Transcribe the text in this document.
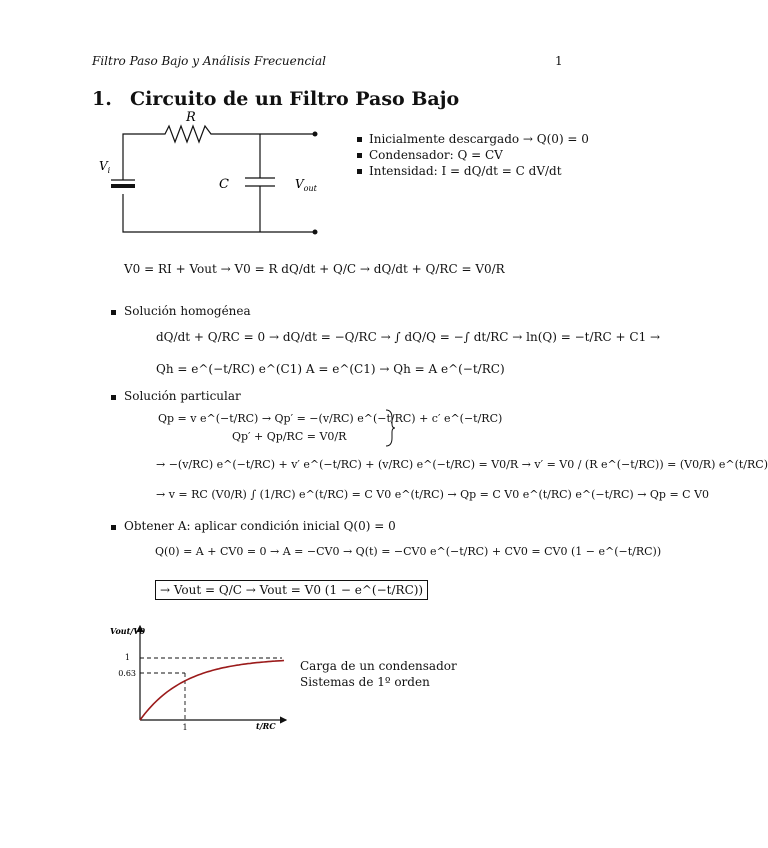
Filtro Paso Bajo y Análisis Frecuencial	1
1. Circuito de un Filtro Paso Bajo
R
C
$V_i$
$V_{out}$
Inicialmente descargado → Q(0) = 0
Condensador: Q = CV
Intensidad: I = dQ/dt = C dV/dt
V0 = RI + Vout → V0 = R dQ/dt + Q/C → dQ/dt + Q/RC = V0/R
Solución homogénea
dQ/dt + Q/RC = 0 → dQ/dt = −Q/RC → ∫ dQ/Q = −∫ dt/RC → ln(Q) = −t/RC + C1 →
Qh = e^(−t/RC) e^(C1) A = e^(C1) → Qh = A e^(−t/RC)
Solución particular
Qp = v e^(−t/RC) → Qp′ = −(v/RC) e^(−t/RC) + c′ e^(−t/RC)
Qp′ + Qp/RC = V0/R
→ −(v/RC) e^(−t/RC) + v′ e^(−t/RC) + (v/RC) e^(−t/RC) = V0/R → v′ = V0 / (R e^(−t/RC)) = (V0/R) e^(t/RC)
→ v = RC (V0/R) ∫ (1/RC) e^(t/RC) = C V0 e^(t/RC) → Qp = C V0 e^(t/RC) e^(−t/RC) → Qp = C V0
Obtener A: aplicar condición inicial Q(0) = 0
Q(0) = A + CV0 = 0 → A = −CV0 → Q(t) = −CV0 e^(−t/RC) + CV0 = CV0 (1 − e^(−t/RC))
→ Vout = Q/C → Vout = V0 (1 − e^(−t/RC))
Vout/V0
1
0.63
1	t/RC
Carga de un condensador
Sistemas de 1º orden
